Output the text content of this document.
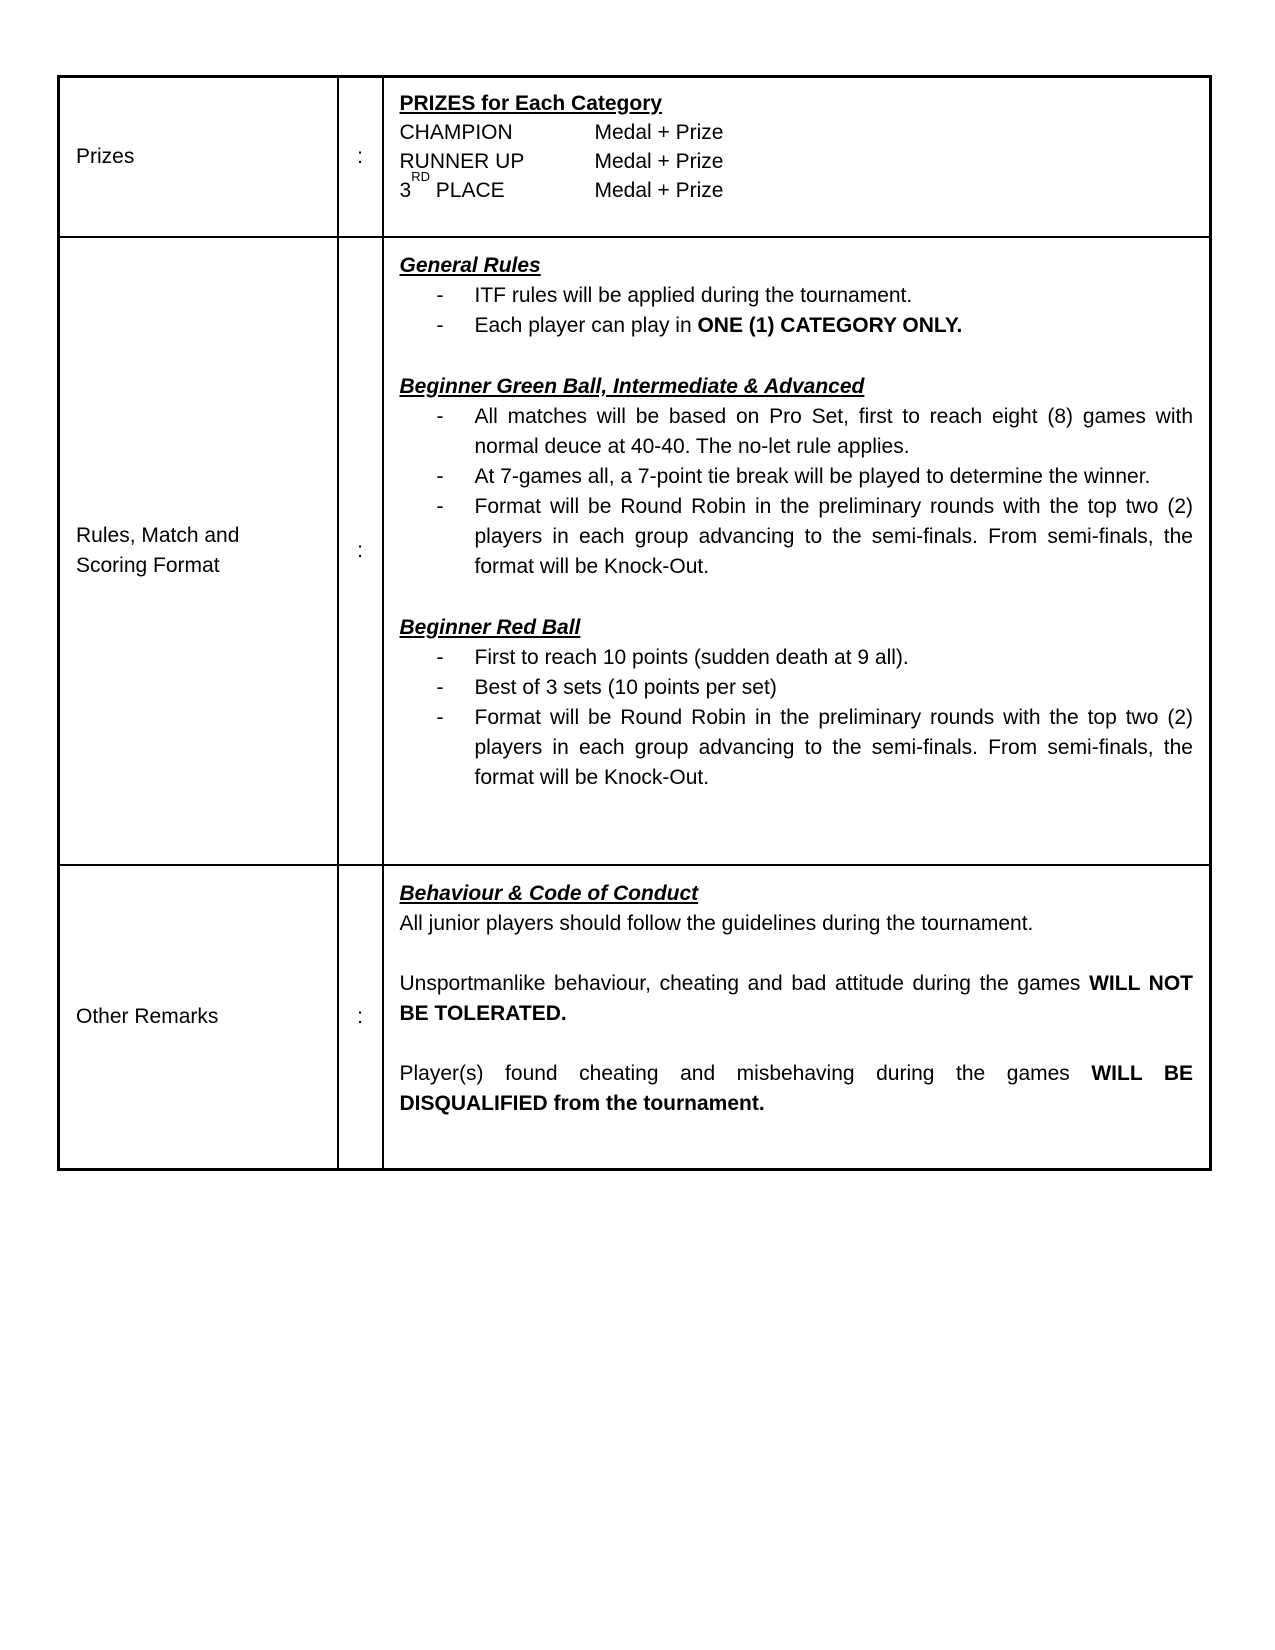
Prizes	:	
PRIZES for Each Category
CHAMPION	Medal + Prize
RUNNER UP	Medal + Prize
3RD PLACE	Medal + Prize

Rules, Match and
Scoring Format
	:	
General Rules
- ITF rules will be applied during the tournament.
- Each player can play in ONE (1) CATEGORY ONLY.
Beginner Green Ball, Intermediate & Advanced
- All matches will be based on Pro Set, first to reach eight (8) games with normal deuce at 40-40. The no-let rule applies.
- At 7-games all, a 7-point tie break will be played to determine the winner.
- Format will be Round Robin in the preliminary rounds with the top two (2) players in each group advancing to the semi-finals. From semi-finals, the format will be Knock-Out.
Beginner Red Ball
- First to reach 10 points (sudden death at 9 all).
- Best of 3 sets (10 points per set)
- Format will be Round Robin in the preliminary rounds with the top two (2) players in each group advancing to the semi-finals. From semi-finals, the format will be Knock-Out.

Other Remarks	:	Behaviour & Code of Conduct
All junior players should follow the guidelines during the tournament.
Unsportmanlike behaviour, cheating and bad attitude during the games WILL NOT BE TOLERATED.
Player(s) found cheating and misbehaving during the games WILL BE DISQUALIFIED from the tournament.
